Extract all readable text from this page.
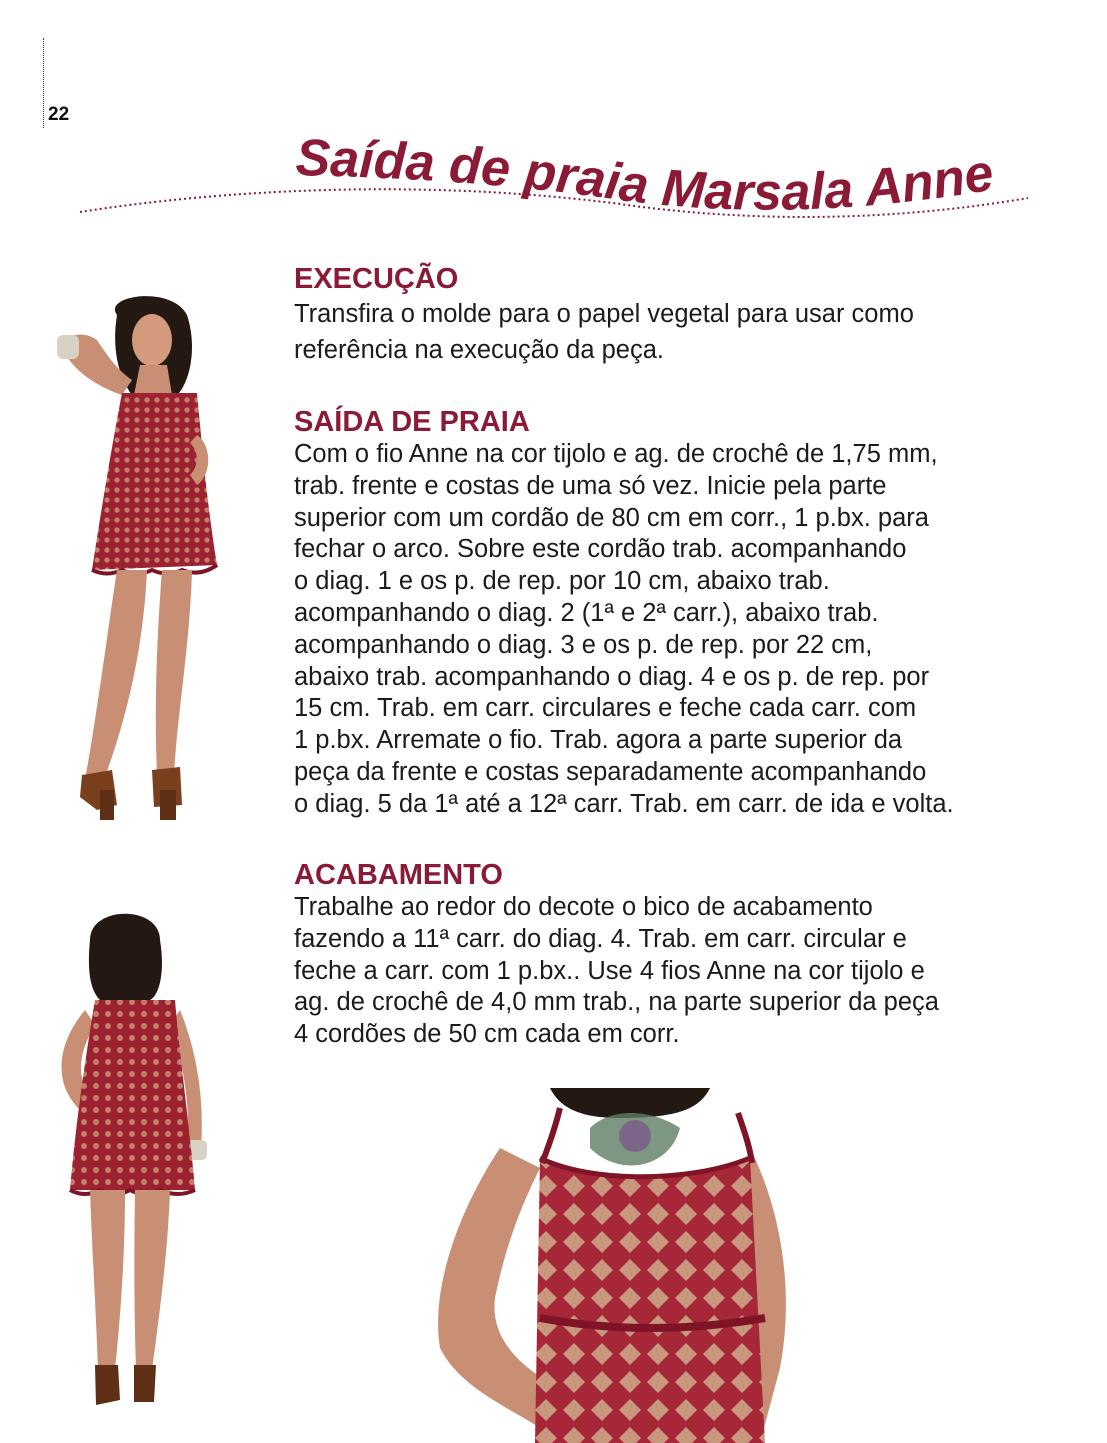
22
Saída de praia Marsala Anne
EXECUÇÃO

Transfira o molde para o papel vegetal para usar como
referência na execução da peça.

SAÍDA DE PRAIA

Com o fio Anne na cor tijolo e ag. de crochê de 1,75 mm,
trab. frente e costas de uma só vez. Inicie pela parte
superior com um cordão de 80 cm em corr., 1 p.bx. para
fechar o arco. Sobre este cordão trab. acompanhando
o diag. 1 e os p. de rep. por 10 cm, abaixo trab.
acompanhando o diag. 2 (1ª e 2ª carr.), abaixo trab.
acompanhando o diag. 3 e os p. de rep. por 22 cm,
abaixo trab. acompanhando o diag. 4 e os p. de rep. por
15 cm. Trab. em carr. circulares e feche cada carr. com
1 p.bx. Arremate o fio. Trab. agora a parte superior da
peça da frente e costas separadamente acompanhando
o diag. 5 da 1ª até a 12ª carr. Trab. em carr. de ida e volta.

ACABAMENTO

Trabalhe ao redor do decote o bico de acabamento
fazendo a 11ª carr. do diag. 4. Trab. em carr. circular e
feche a carr. com 1 p.bx.. Use 4 fios Anne na cor tijolo e
ag. de crochê de 4,0 mm trab., na parte superior da peça
4 cordões de 50 cm cada em corr.
